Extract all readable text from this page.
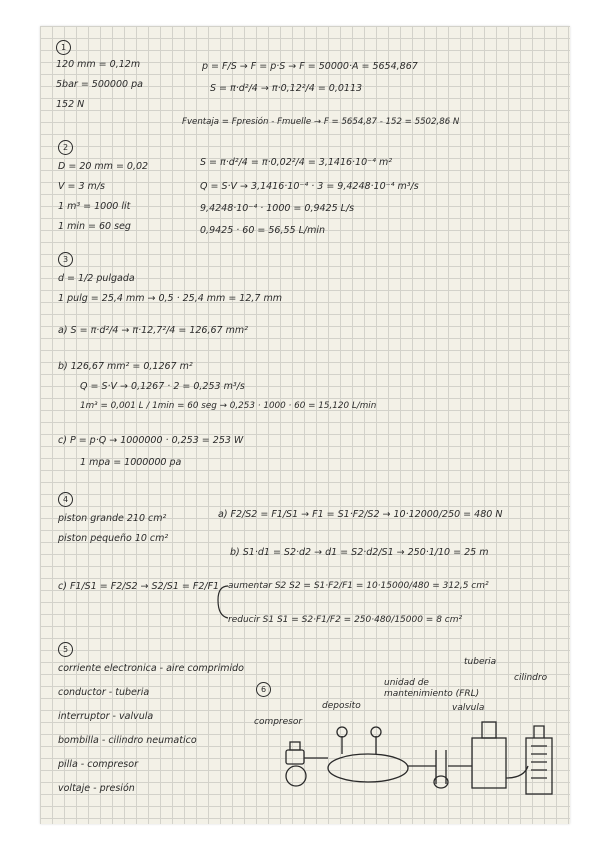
1
120 mm = 0,12m
5bar = 500000 pa
152 N
p = F/S → F = p·S → F = 50000·A = 5654,867
S = π·d²/4 → π·0,12²/4 = 0,0113
Fventaja = Fpresión - Fmuelle → F = 5654,87 - 152 = 5502,86 N
2
D = 20 mm = 0,02
V = 3 m/s
1 m³ = 1000 lit
1 min = 60 seg
S = π·d²/4 = π·0,02²/4 = 3,1416·10⁻⁴ m²
Q = S·V → 3,1416·10⁻⁴ · 3 = 9,4248·10⁻⁴ m³/s
9,4248·10⁻⁴ · 1000 = 0,9425 L/s
0,9425 · 60 = 56,55 L/min
3
d = 1/2 pulgada
1 pulg = 25,4 mm → 0,5 · 25,4 mm = 12,7 mm
a) S = π·d²/4 → π·12,7²/4 = 126,67 mm²
b) 126,67 mm² = 0,1267 m²
Q = S·V → 0,1267 · 2 = 0,253 m³/s
1m³ = 0,001 L / 1min = 60 seg → 0,253 · 1000 · 60 = 15,120 L/min
c) P = p·Q → 1000000 · 0,253 = 253 W
1 mpa = 1000000 pa
4
piston grande 210 cm²
piston pequeño 10 cm²
a) F2/S2 = F1/S1 → F1 = S1·F2/S2 → 10·12000/250 = 480 N
b) S1·d1 = S2·d2 → d1 = S2·d2/S1 → 250·1/10 = 25 m
c) F1/S1 = F2/S2 → S2/S1 = F2/F1 aumentar S2 S2 = S1·F2/F1 = 10·15000/480 = 312,5 cm²
reducir S1 S1 = S2·F1/F2 = 250·480/15000 = 8 cm²
5
corriente electronica - aire comprimido
conductor - tuberia
interruptor - valvula
bombilla - cilindro neumatico
pilla - compresor
voltaje - presión
6
compresor
deposito
unidad de mantenimiento (FRL)
valvula
tuberia
cilindro
